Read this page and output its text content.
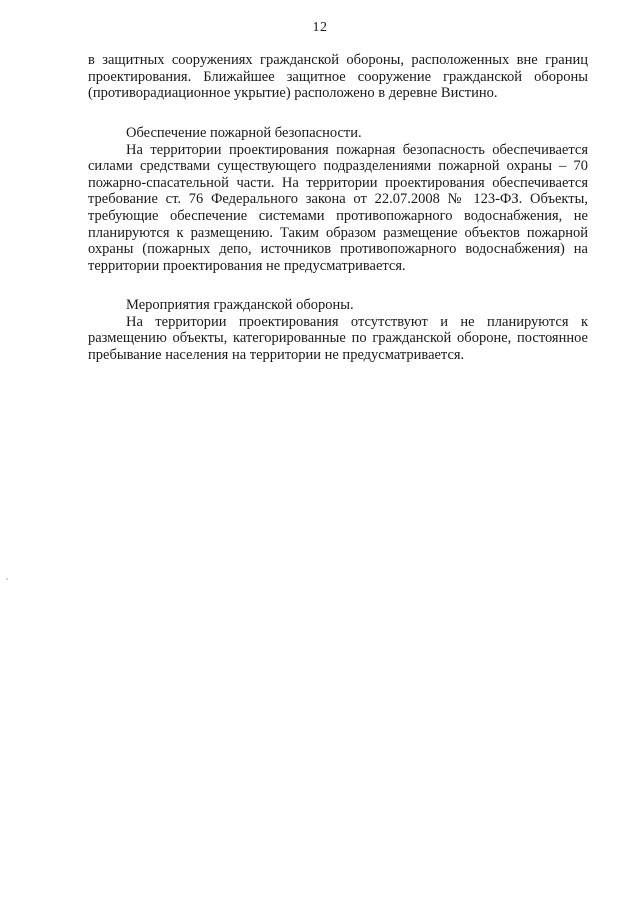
12

в защитных сооружениях гражданской обороны, расположенных вне границ проектирования. Ближайшее защитное сооружение гражданской обороны (противорадиационное укрытие) расположено в деревне Вистино.

Обеспечение пожарной безопасности.

На территории проектирования пожарная безопасность обеспечивается силами средствами существующего подразделениями пожарной охраны – 70 пожарно-спасательной части. На территории проектирования обеспечивается требование ст. 76 Федерального закона от 22.07.2008 № 123-ФЗ. Объекты, требующие обеспечение системами противопожарного водоснабжения, не планируются к размещению. Таким образом размещение объектов пожарной охраны (пожарных депо, источников противопожарного водоснабжения) на территории проектирования не предусматривается.

Мероприятия гражданской обороны.

На территории проектирования отсутствуют и не планируются к размещению объекты, категорированные по гражданской обороне, постоянное пребывание населения на территории не предусматривается.
